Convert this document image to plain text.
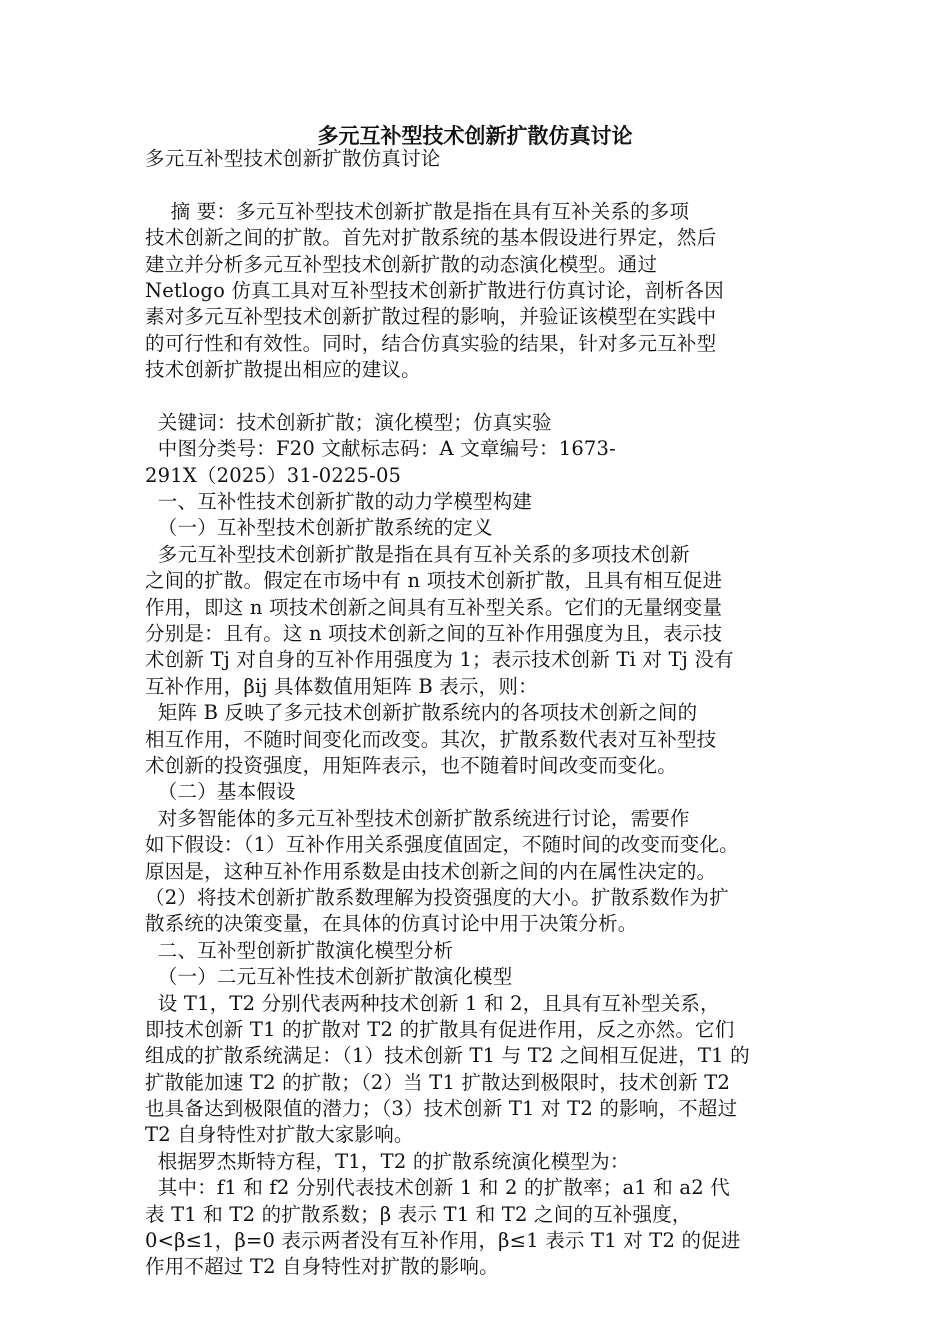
多元互补型技术创新扩散仿真讨论
多元互补型技术创新扩散仿真讨论
摘 要：多元互补型技术创新扩散是指在具有互补关系的多项
技术创新之间的扩散。首先对扩散系统的基本假设进行界定，然后
建立并分析多元互补型技术创新扩散的动态演化模型。通过
Netlogo 仿真工具对互补型技术创新扩散进行仿真讨论，剖析各因
素对多元互补型技术创新扩散过程的影响，并验证该模型在实践中
的可行性和有效性。同时，结合仿真实验的结果，针对多元互补型
技术创新扩散提出相应的建议。
关键词：技术创新扩散；演化模型；仿真实验
中图分类号：F20 文献标志码：A 文章编号：1673-
291X（2025）31-0225-05
一、互补性技术创新扩散的动力学模型构建
（一）互补型技术创新扩散系统的定义
多元互补型技术创新扩散是指在具有互补关系的多项技术创新
之间的扩散。假定在市场中有 n 项技术创新扩散，且具有相互促进
作用，即这 n 项技术创新之间具有互补型关系。它们的无量纲变量
分别是：且有。这 n 项技术创新之间的互补作用强度为且，表示技
术创新 Tj 对自身的互补作用强度为 1；表示技术创新 Ti 对 Tj 没有
互补作用，βij 具体数值用矩阵 B 表示，则：
矩阵 B 反映了多元技术创新扩散系统内的各项技术创新之间的
相互作用，不随时间变化而改变。其次，扩散系数代表对互补型技
术创新的投资强度，用矩阵表示，也不随着时间改变而变化。
（二）基本假设
对多智能体的多元互补型技术创新扩散系统进行讨论，需要作
如下假设：（1）互补作用关系强度值固定，不随时间的改变而变化。
原因是，这种互补作用系数是由技术创新之间的内在属性决定的。
（2）将技术创新扩散系数理解为投资强度的大小。扩散系数作为扩
散系统的决策变量，在具体的仿真讨论中用于决策分析。
二、互补型创新扩散演化模型分析
（一）二元互补性技术创新扩散演化模型
设 T1，T2 分别代表两种技术创新 1 和 2，且具有互补型关系，
即技术创新 T1 的扩散对 T2 的扩散具有促进作用，反之亦然。它们
组成的扩散系统满足：（1）技术创新 T1 与 T2 之间相互促进，T1 的
扩散能加速 T2 的扩散；（2）当 T1 扩散达到极限时，技术创新 T2
也具备达到极限值的潜力；（3）技术创新 T1 对 T2 的影响，不超过
T2 自身特性对扩散大家影响。
根据罗杰斯特方程，T1，T2 的扩散系统演化模型为：
其中：f1 和 f2 分别代表技术创新 1 和 2 的扩散率；a1 和 a2 代
表 T1 和 T2 的扩散系数；β 表示 T1 和 T2 之间的互补强度，
0<β≤1，β=0 表示两者没有互补作用，β≤1 表示 T1 对 T2 的促进
作用不超过 T2 自身特性对扩散的影响。
